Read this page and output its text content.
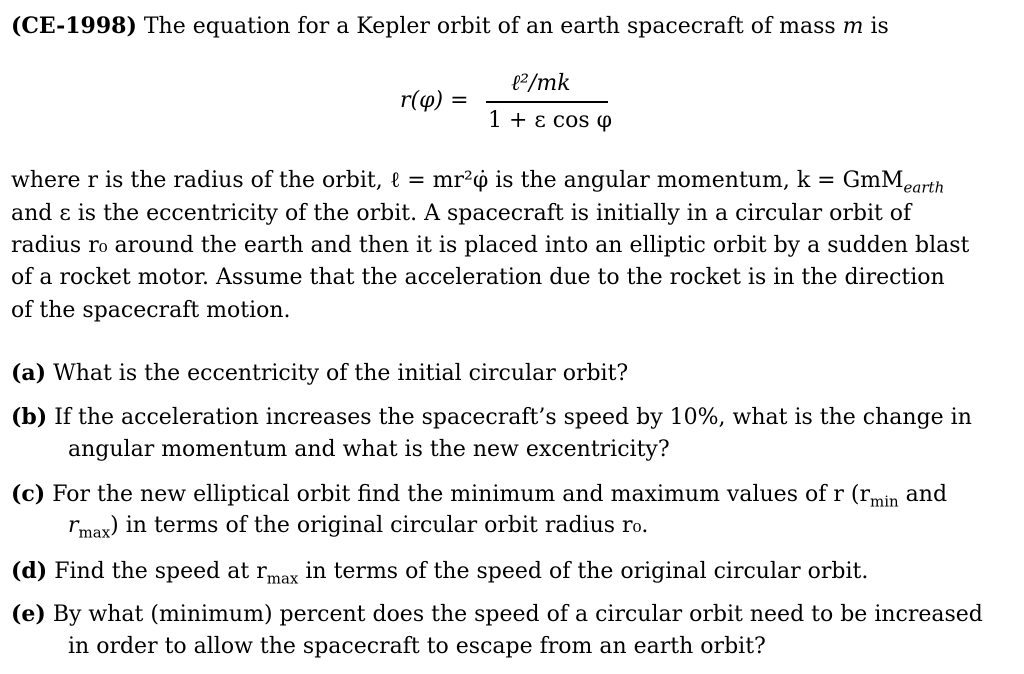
(CE-1998) The equation for a Kepler orbit of an earth spacecraft of mass m is
r(φ) =
ℓ²/mk
1 + ε cos φ
where r is the radius of the orbit, ℓ = mr²φ̇ is the angular momentum, k = GmM$_{earth}$
and ε is the eccentricity of the orbit. A spacecraft is initially in a circular orbit of
radius r₀ around the earth and then it is placed into an elliptic orbit by a sudden blast
of a rocket motor. Assume that the acceleration due to the rocket is in the direction
of the spacecraft motion.
(a) What is the eccentricity of the initial circular orbit?
(b) If the acceleration increases the spacecraft’s speed by 10%, what is the change in
angular momentum and what is the new excentricity?
(c) For the new elliptical orbit find the minimum and maximum values of r ($r_{min}$ and
$r_{max}$) in terms of the original circular orbit radius r₀.
(d) Find the speed at $r_{max}$ in terms of the speed of the original circular orbit.
(e) By what (minimum) percent does the speed of a circular orbit need to be increased
in order to allow the spacecraft to escape from an earth orbit?
